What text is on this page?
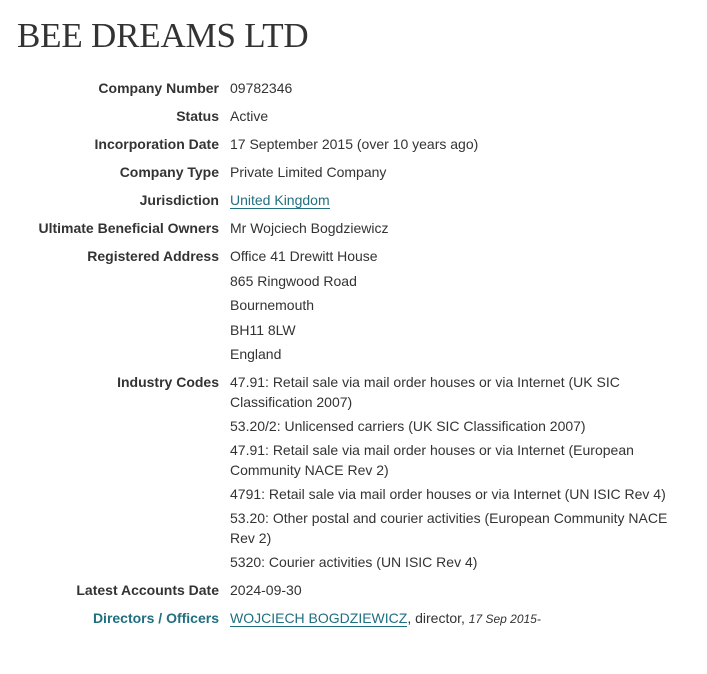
BEE DREAMS LTD
Company Number 09782346
Status Active
Incorporation Date 17 September 2015 (over 10 years ago)
Company Type Private Limited Company
Jurisdiction United Kingdom
Ultimate Beneficial Owners Mr Wojciech Bogdziewicz
Registered Address Office 41 Drewitt House
865 Ringwood Road
Bournemouth
BH11 8LW
England
Industry Codes 47.91: Retail sale via mail order houses or via Internet (UK SIC Classification 2007)
53.20/2: Unlicensed carriers (UK SIC Classification 2007)
47.91: Retail sale via mail order houses or via Internet (European Community NACE Rev 2)
4791: Retail sale via mail order houses or via Internet (UN ISIC Rev 4)
53.20: Other postal and courier activities (European Community NACE Rev 2)
5320: Courier activities (UN ISIC Rev 4)
Latest Accounts Date 2024-09-30
Directors / Officers WOJCIECH BOGDZIEWICZ, director, 17 Sep 2015-
